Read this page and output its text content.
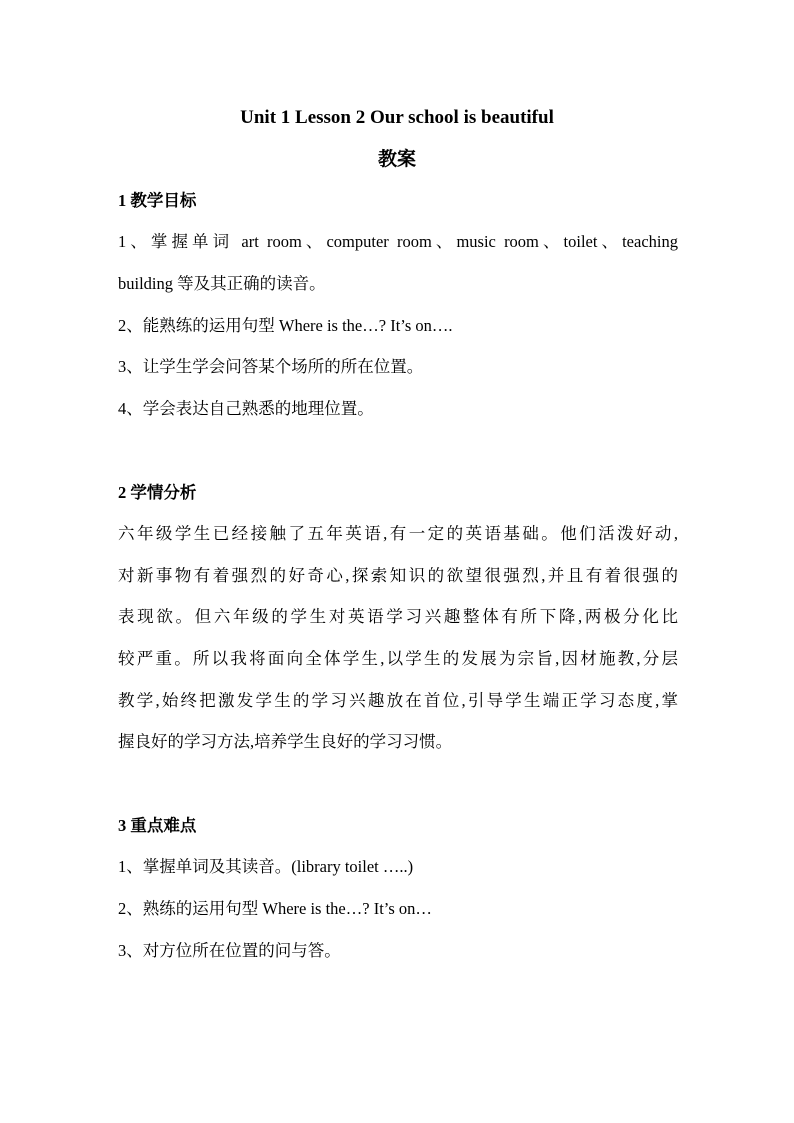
Unit 1 Lesson 2 Our school is beautiful
教案
1 教学目标
1、掌握单词 art room、computer room、music room、toilet、teaching
building 等及其正确的读音。
2、能熟练的运用句型 Where is the…? It’s on….
3、让学生学会问答某个场所的所在位置。
4、学会表达自己熟悉的地理位置。
2 学情分析
六年级学生已经接触了五年英语,有一定的英语基础。他们活泼好动,
对新事物有着强烈的好奇心,探索知识的欲望很强烈,并且有着很强的
表现欲。但六年级的学生对英语学习兴趣整体有所下降,两极分化比
较严重。所以我将面向全体学生,以学生的发展为宗旨,因材施教,分层
教学,始终把激发学生的学习兴趣放在首位,引导学生端正学习态度,掌
握良好的学习方法,培养学生良好的学习习惯。
3 重点难点
1、掌握单词及其读音。(library toilet …..)
2、熟练的运用句型 Where is the…? It’s on…
3、对方位所在位置的问与答。
